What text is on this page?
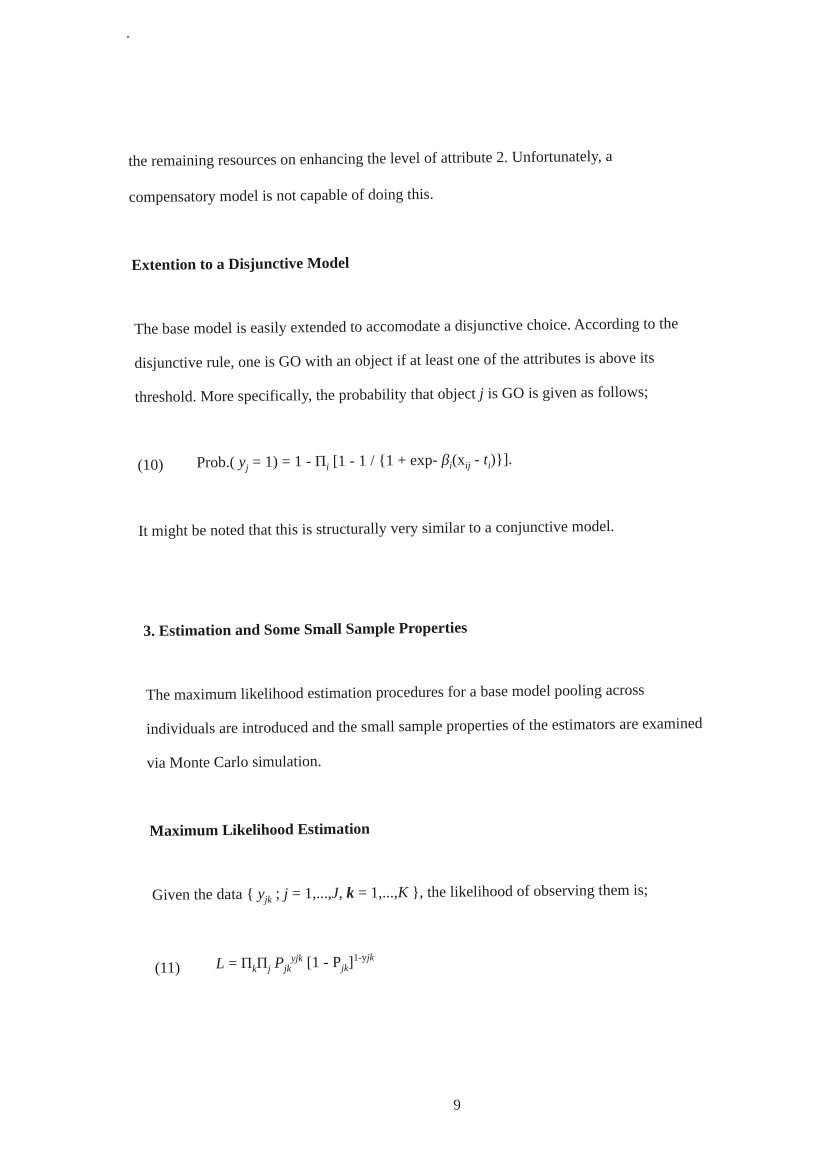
the remaining resources on enhancing the level of attribute 2. Unfortunately, a
compensatory model is not capable of doing this.
Extention to a Disjunctive Model
The base model is easily extended to accomodate a disjunctive choice. According to the
disjunctive rule, one is GO with an object if at least one of the attributes is above its
threshold. More specifically, the probability that object j is GO is given as follows;
(10) Prob.( $y_j = 1) = 1 - \Pi_i$ [1 - 1 / {1 + exp- $\beta_i(x_{ij} - t_i)$}].
It might be noted that this is structurally very similar to a conjunctive model.
3. Estimation and Some Small Sample Properties
The maximum likelihood estimation procedures for a base model pooling across
individuals are introduced and the small sample properties of the estimators are examined
via Monte Carlo simulation.
Maximum Likelihood Estimation
Given the data { $y_{jk}$ ; j = 1,...,J, k = 1,...,K }, the likelihood of observing them is;
(11) $L = \Pi_k\Pi_j$ $P_{jk}^{yjk}$ $[1 - P_{jk}]^{1-yjk}$
9
